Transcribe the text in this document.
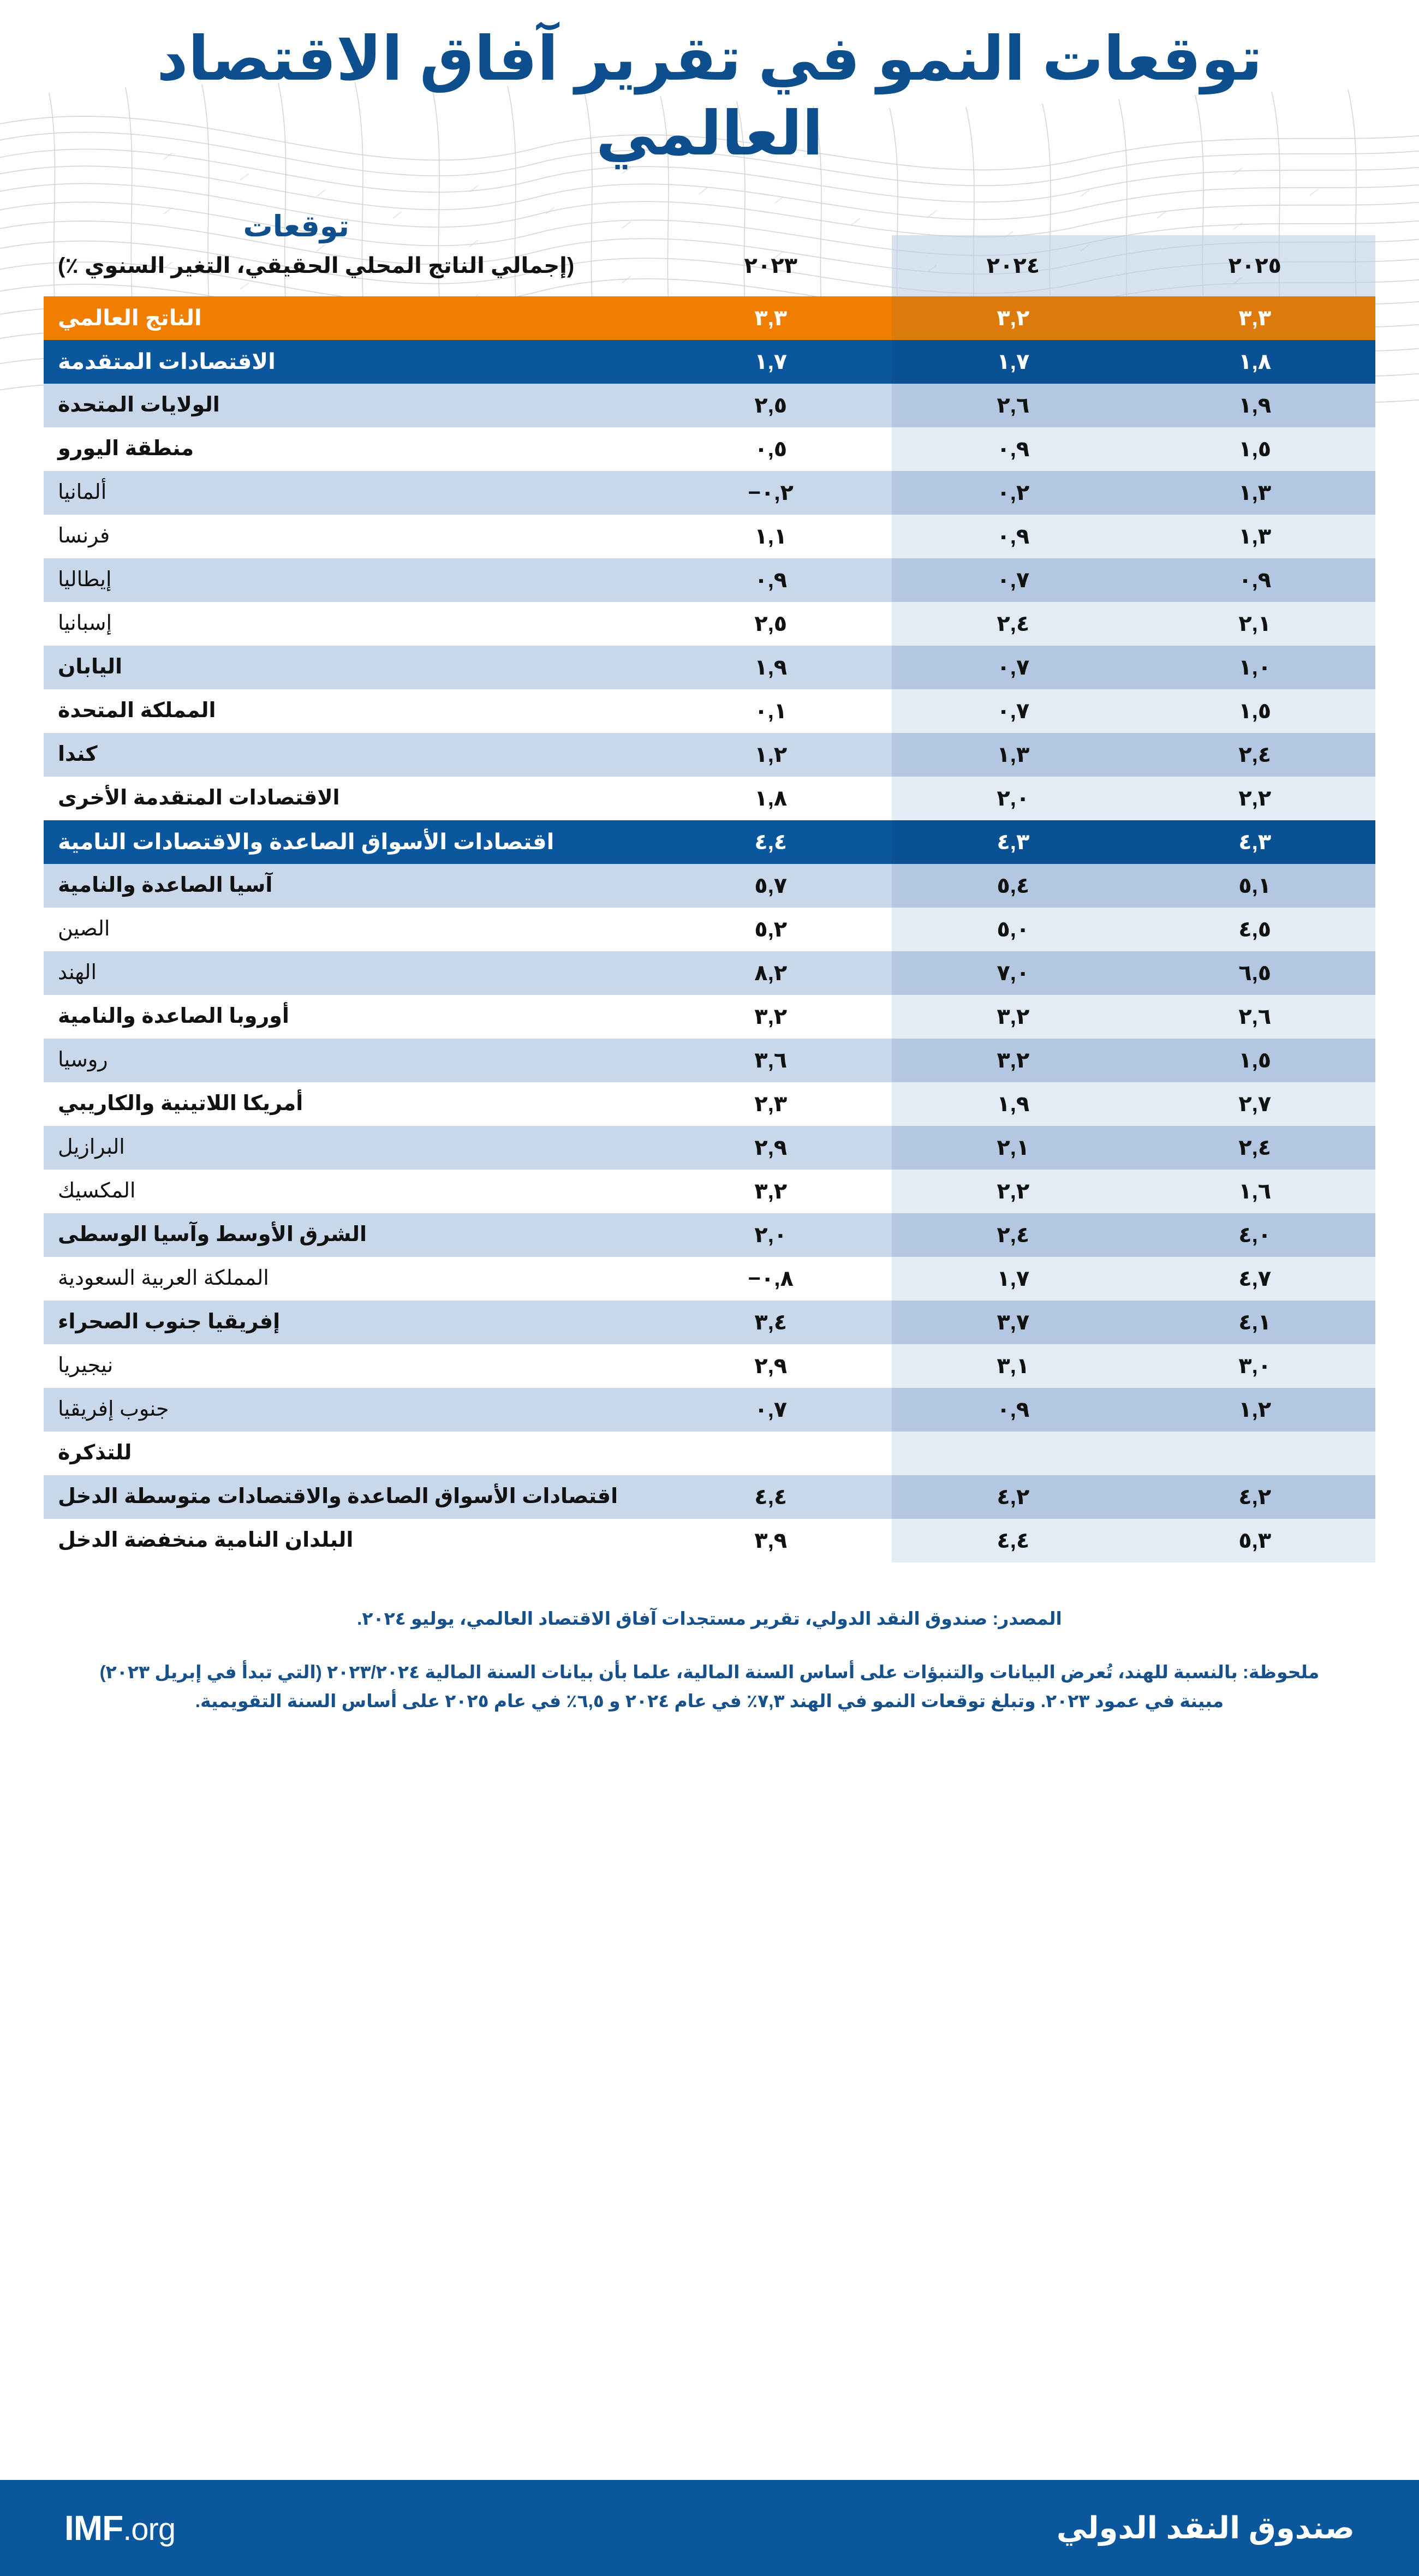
توقعات النمو في تقرير آفاق الاقتصاد العالمي
توقعات
٢٠٢٥	٢٠٢٤	٢٠٢٣	(إجمالي الناتج المحلي الحقيقي، التغير السنوي ٪)
٣,٣	٣,٢	٣,٣	الناتج العالمي
١,٨	١,٧	١,٧	الاقتصادات المتقدمة
١,٩	٢,٦	٢,٥	الولايات المتحدة
١,٥	٠,٩	٠,٥	منطقة اليورو
١,٣	٠,٢	٠,٢−	ألمانيا
١,٣	٠,٩	١,١	فرنسا
٠,٩	٠,٧	٠,٩	إيطاليا
٢,١	٢,٤	٢,٥	إسبانيا
١,٠	٠,٧	١,٩	اليابان
١,٥	٠,٧	٠,١	المملكة المتحدة
٢,٤	١,٣	١,٢	كندا
٢,٢	٢,٠	١,٨	الاقتصادات المتقدمة الأخرى
٤,٣	٤,٣	٤,٤	اقتصادات الأسواق الصاعدة والاقتصادات النامية
٥,١	٥,٤	٥,٧	آسيا الصاعدة والنامية
٤,٥	٥,٠	٥,٢	الصين
٦,٥	٧,٠	٨,٢	الهند
٢,٦	٣,٢	٣,٢	أوروبا الصاعدة والنامية
١,٥	٣,٢	٣,٦	روسيا
٢,٧	١,٩	٢,٣	أمريكا اللاتينية والكاريبي
٢,٤	٢,١	٢,٩	البرازيل
١,٦	٢,٢	٣,٢	المكسيك
٤,٠	٢,٤	٢,٠	الشرق الأوسط وآسيا الوسطى
٤,٧	١,٧	٠,٨−	المملكة العربية السعودية
٤,١	٣,٧	٣,٤	إفريقيا جنوب الصحراء
٣,٠	٣,١	٢,٩	نيجيريا
١,٢	٠,٩	٠,٧	جنوب إفريقيا
			للتذكرة
٤,٢	٤,٢	٤,٤	اقتصادات الأسواق الصاعدة والاقتصادات متوسطة الدخل
٥,٣	٤,٤	٣,٩	البلدان النامية منخفضة الدخل
المصدر: صندوق النقد الدولي، تقرير مستجدات آفاق الاقتصاد العالمي، يوليو ٢٠٢٤.
ملحوظة: بالنسبة للهند، تُعرض البيانات والتنبؤات على أساس السنة المالية، علما بأن بيانات السنة المالية ٢٠٢٣/٢٠٢٤ (التي تبدأ في إبريل ٢٠٢٣) مبينة في عمود ٢٠٢٣. وتبلغ توقعات النمو في الهند ٧,٣٪ في عام ٢٠٢٤ و ٦,٥٪ في عام ٢٠٢٥ على أساس السنة التقويمية.
IMF.org	صندوق النقد الدولي
